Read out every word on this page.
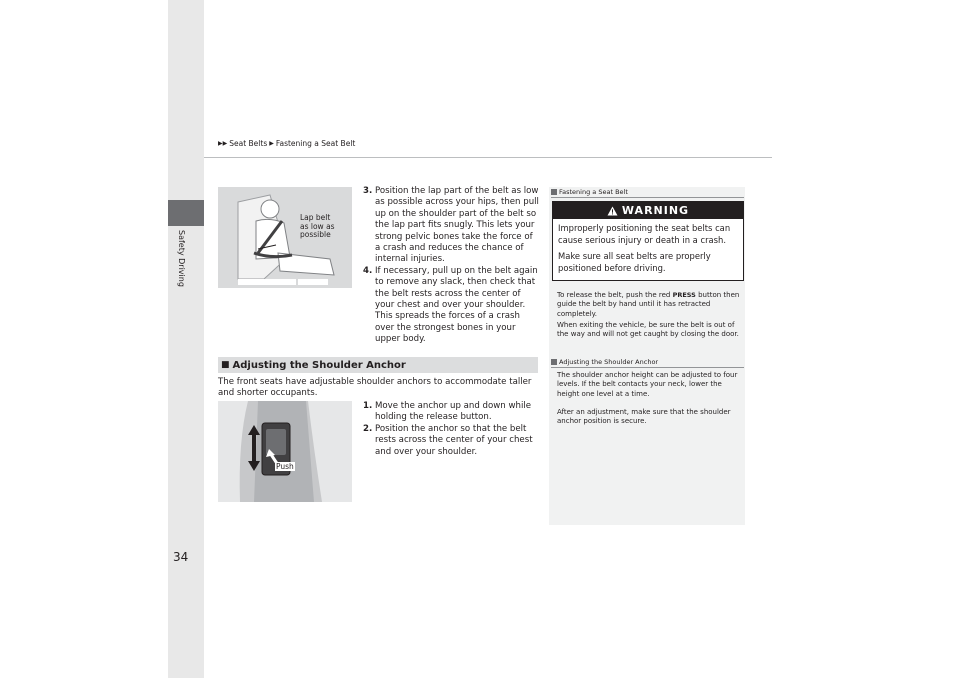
Safety Driving
▶▶ Seat Belts ▶ Fastening a Seat Belt
Lap belt
as low as
possible
3. Position the lap part of the belt as low as possible across your hips, then pull up on the shoulder part of the belt so the lap part fits snugly. This lets your strong pelvic bones take the force of a crash and reduces the chance of internal injuries.
4. If necessary, pull up on the belt again to remove any slack, then check that the belt rests across the center of your chest and over your shoulder. This spreads the forces of a crash over the strongest bones in your upper body.
■ Adjusting the Shoulder Anchor
The front seats have adjustable shoulder anchors to accommodate taller and shorter occupants.
Push
1. Move the anchor up and down while holding the release button.
2. Position the anchor so that the belt rests across the center of your chest and over your shoulder.
Fastening a Seat Belt
WARNING

Improperly positioning the seat belts can cause serious injury or death in a crash.

Make sure all seat belts are properly positioned before driving.

To release the belt, push the red PRESS button then guide the belt by hand until it has retracted completely.
When exiting the vehicle, be sure the belt is out of the way and will not get caught by closing the door.
Adjusting the Shoulder Anchor
The shoulder anchor height can be adjusted to four levels. If the belt contacts your neck, lower the height one level at a time.
After an adjustment, make sure that the shoulder anchor position is secure.
34
